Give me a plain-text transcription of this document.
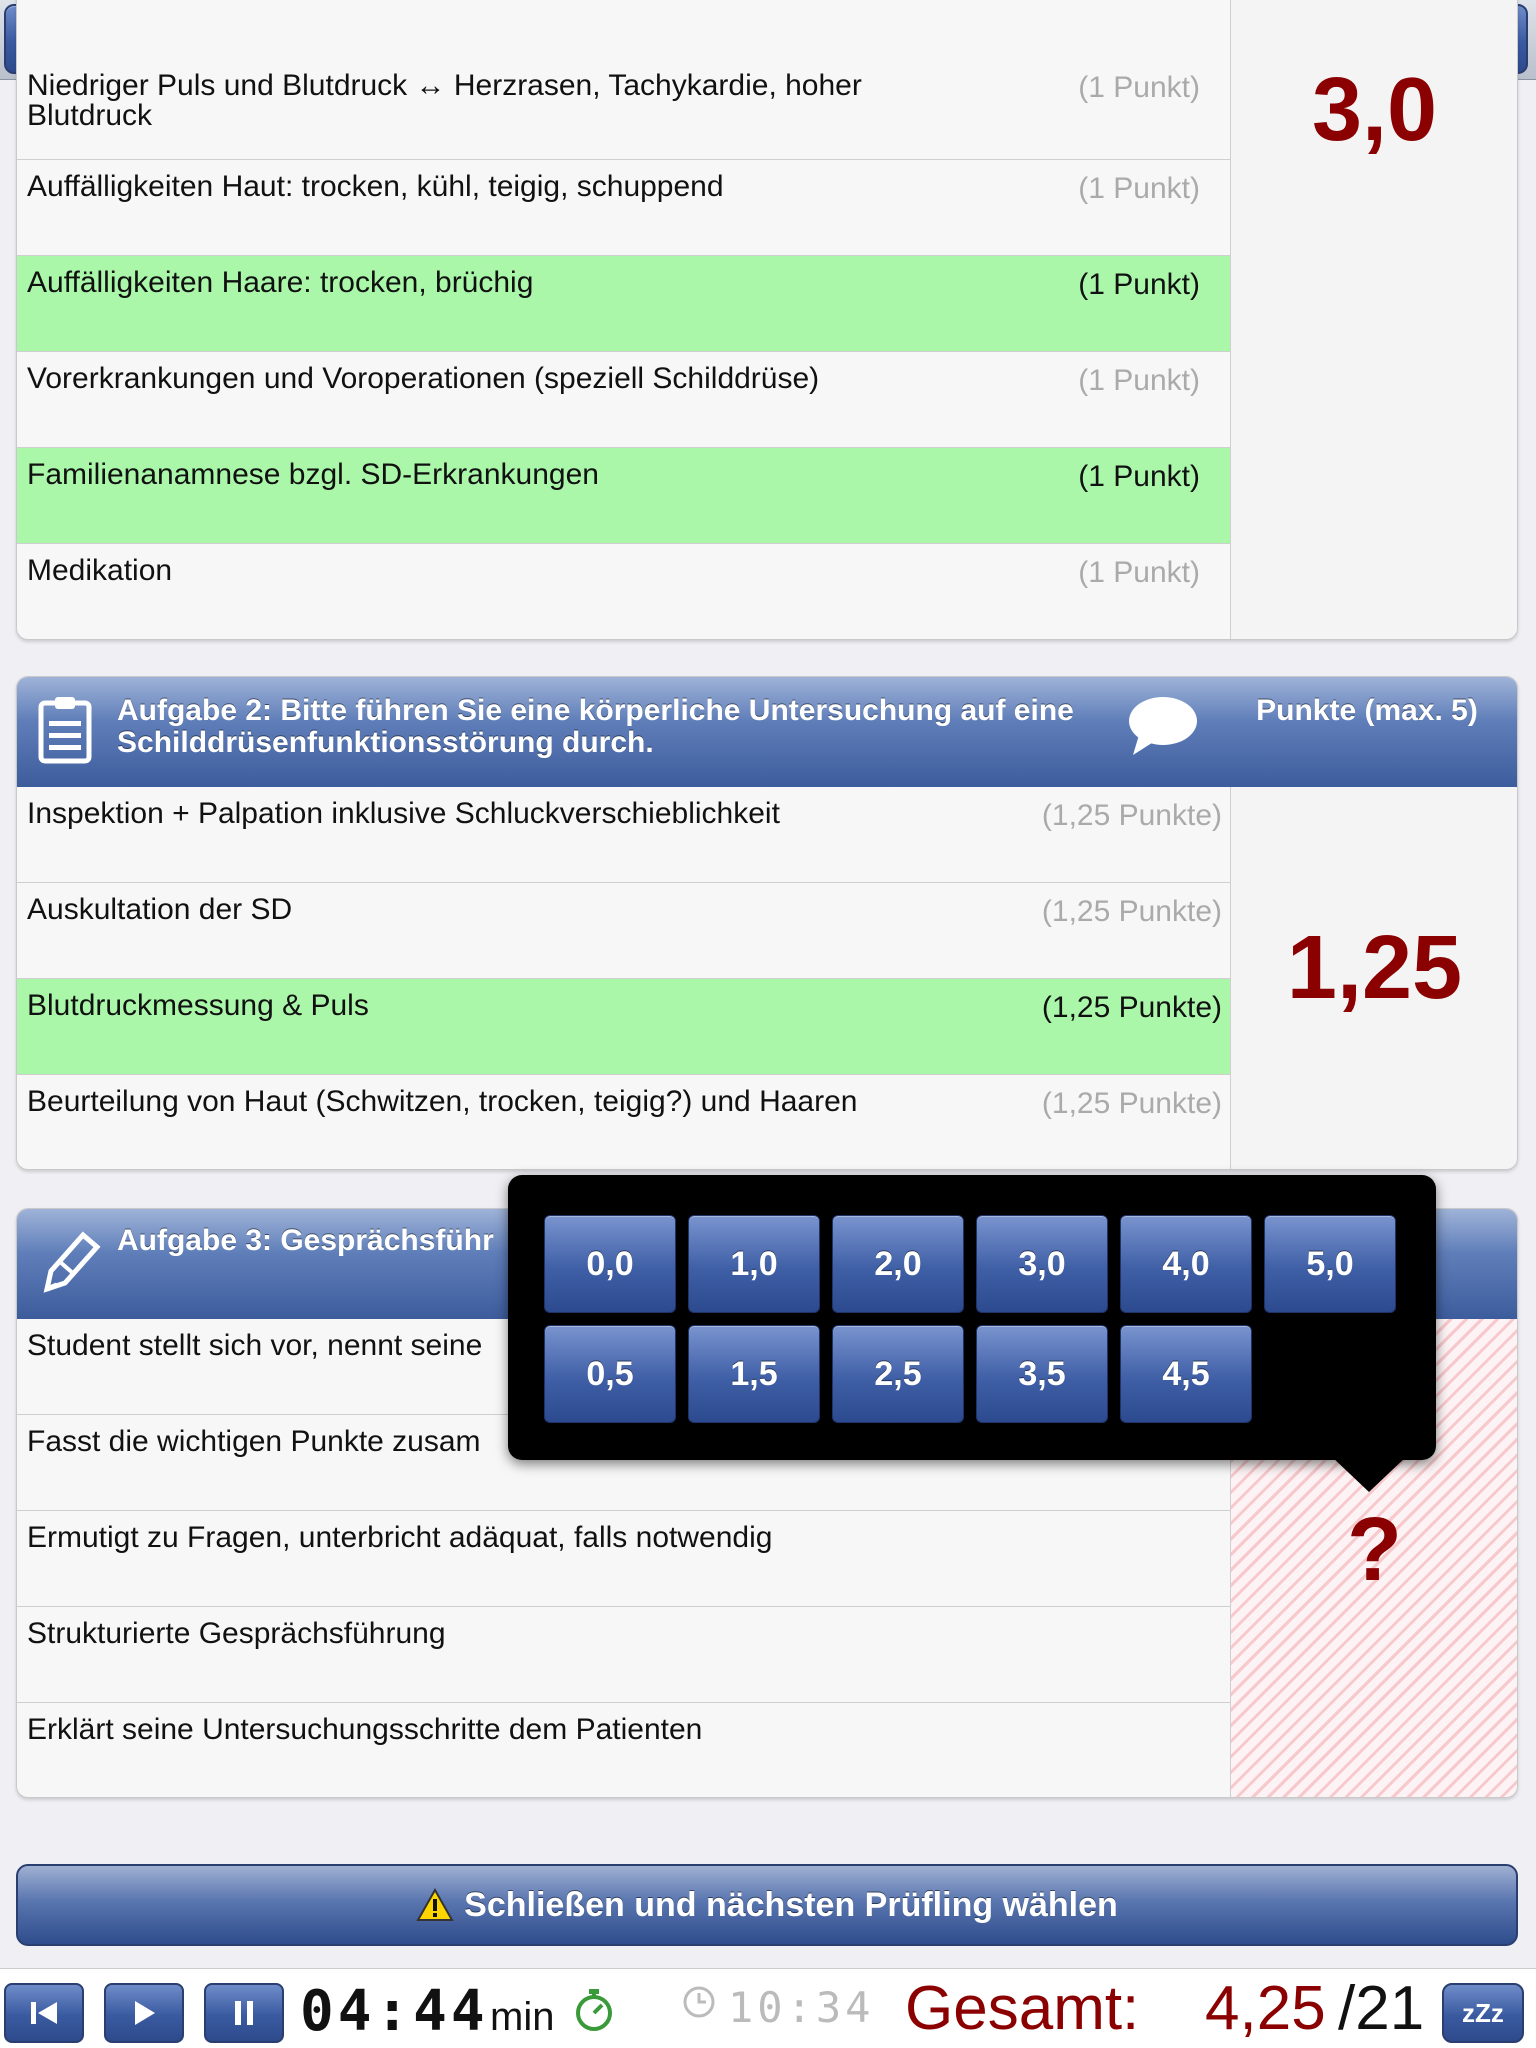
Niedriger Puls und Blutdruck ↔ Herzrasen, Tachykardie, hoher Blutdruck
(1 Punkt)
Auffälligkeiten Haut: trocken, kühl, teigig, schuppend	(1 Punkt)
Auffälligkeiten Haare: trocken, brüchig	(1 Punkt)
Vorerkrankungen und Voroperationen (speziell Schilddrüse)	(1 Punkt)
Familienanamnese bzgl. SD-Erkrankungen	(1 Punkt)
Medikation	(1 Punkt)
3,0
Aufgabe 2: Bitte führen Sie eine körperliche Untersuchung auf eine Schilddrüsenfunktionsstörung durch.
Punkte (max. 5)
Inspektion + Palpation inklusive Schluckverschieblichkeit	(1,25 Punkte)
Auskultation der SD	(1,25 Punkte)
Blutdruckmessung & Puls	(1,25 Punkte)
Beurteilung von Haut (Schwitzen, trocken, teigig?) und Haaren	(1,25 Punkte)
1,25
Aufgabe 3: Gesprächsführ
Student stellt sich vor, nennt seine
Fasst die wichtigen Punkte zusam
Ermutigt zu Fragen, unterbricht adäquat, falls notwendig
Strukturierte Gesprächsführung
Erklärt seine Untersuchungsschritte dem Patienten
?
0,0	1,0	2,0	3,0	4,0	5,0
0,5	1,5	2,5	3,5	4,5
Schließen und nächsten Prüfling wählen
04:44 min	10:34 Gesamt: 4,25 /21 zZz
